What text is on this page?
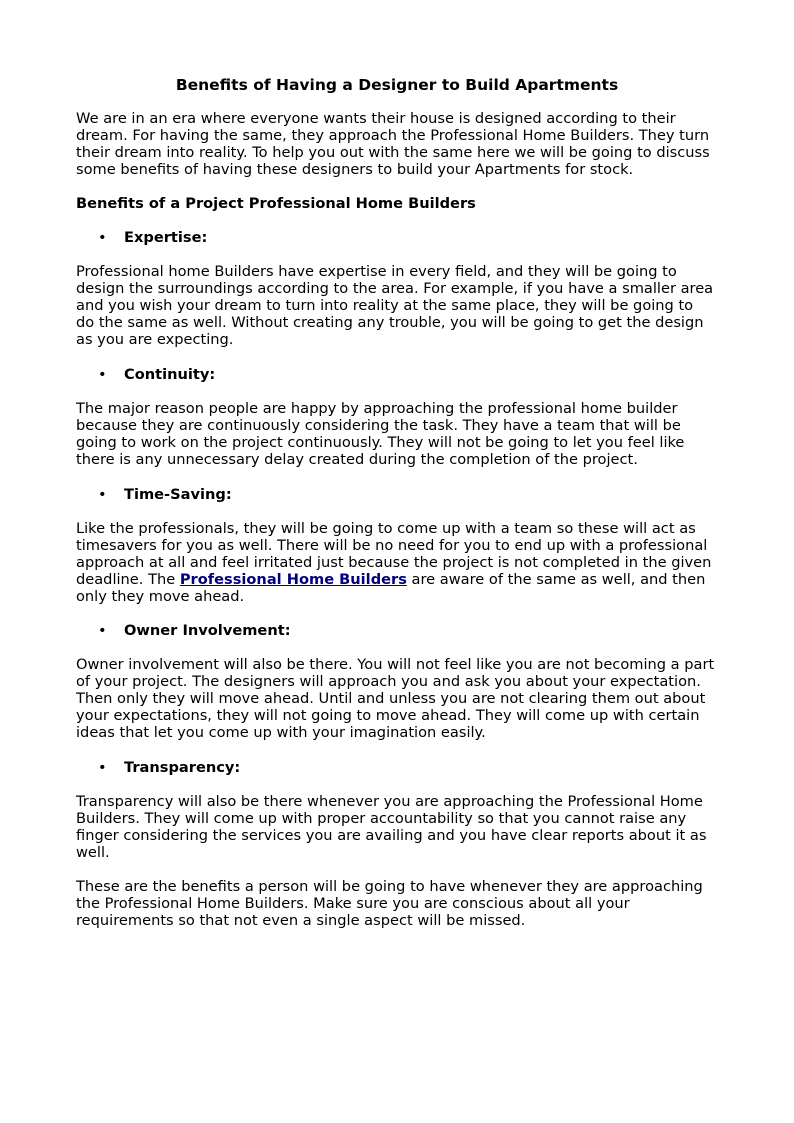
Benefits of Having a Designer to Build Apartments

We are in an era where everyone wants their house is designed according to their
dream. For having the same, they approach the Professional Home Builders. They turn
their dream into reality. To help you out with the same here we will be going to discuss
some benefits of having these designers to build your Apartments for stock.

Benefits of a Project Professional Home Builders
• Expertise:

Professional home Builders have expertise in every field, and they will be going to
design the surroundings according to the area. For example, if you have a smaller area
and you wish your dream to turn into reality at the same place, they will be going to
do the same as well. Without creating any trouble, you will be going to get the design
as you are expecting.

• Continuity:

The major reason people are happy by approaching the professional home builder
because they are continuously considering the task. They have a team that will be
going to work on the project continuously. They will not be going to let you feel like
there is any unnecessary delay created during the completion of the project.

• Time-Saving:

Like the professionals, they will be going to come up with a team so these will act as
timesavers for you as well. There will be no need for you to end up with a professional
approach at all and feel irritated just because the project is not completed in the given
deadline. The Professional Home Builders are aware of the same as well, and then
only they move ahead.

• Owner Involvement:

Owner involvement will also be there. You will not feel like you are not becoming a part
of your project. The designers will approach you and ask you about your expectation.
Then only they will move ahead. Until and unless you are not clearing them out about
your expectations, they will not going to move ahead. They will come up with certain
ideas that let you come up with your imagination easily.

• Transparency:

Transparency will also be there whenever you are approaching the Professional Home
Builders. They will come up with proper accountability so that you cannot raise any
finger considering the services you are availing and you have clear reports about it as
well.

These are the benefits a person will be going to have whenever they are approaching
the Professional Home Builders. Make sure you are conscious about all your
requirements so that not even a single aspect will be missed.
